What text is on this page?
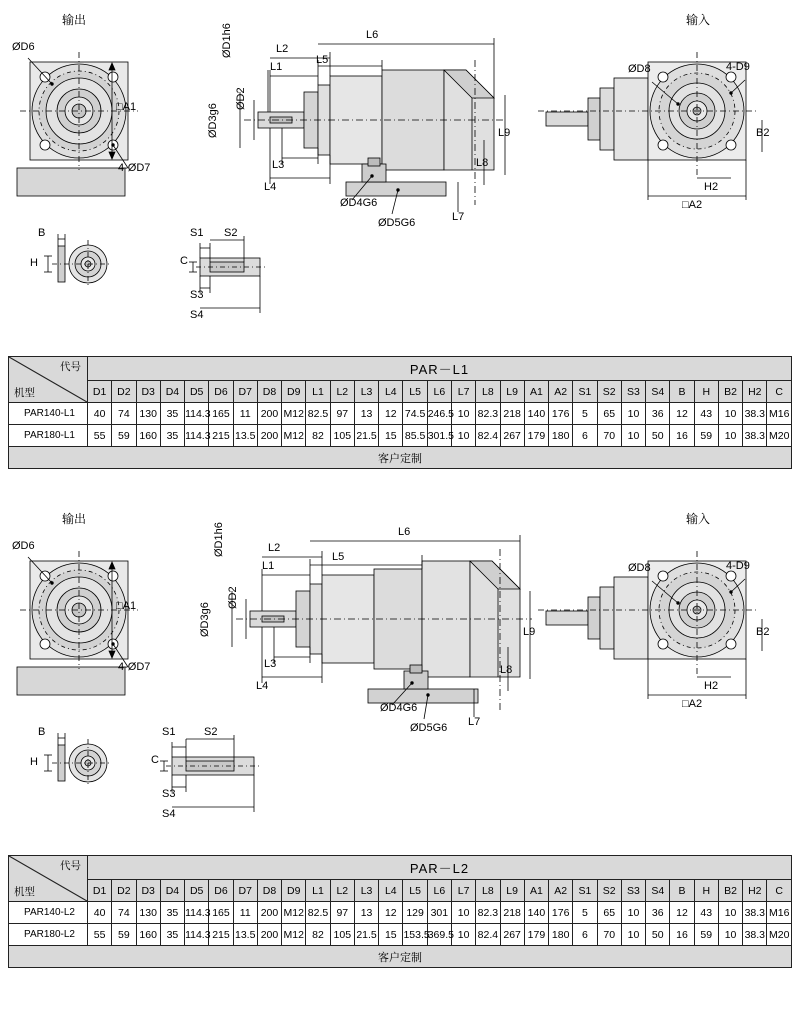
输出	输入
ØD6
4-ØD7
□A1
B
H
S1 S2
C
S3
S4
ØD1h6
ØD2
ØD3g6
L2
L1
L5
L6
L3
L4
ØD4G6
ØD5G6	L7
L8
L9
ØD8	4-D9
B2
H2
□A2
代号
机型	PAR－L1																												
	D1	D2	D3	D4	D5	D6	D7	D8	D9	L1	L2	L3	L4	L5	L6	L7	L8	L9	A1	A2	S1	S2	S3	S4	B	H	B2	H2	C
PAR140-L1	40	74	130	35	114.3	165	11	200	M12	82.5	97	13	12	74.5	246.5	10	82.3	218	140	176	5	65	10	36	12	43	10	38.3	M16
PAR180-L1	55	59	160	35	114.3	215	13.5	200	M12	82	105	21.5	15	85.5	301.5	10	82.4	267	179	180	6	70	10	50	16	59	10	38.3	M20
客户定制																													
输出	输入
ØD6
4-ØD7
□A1
B
H
S1	S2
C
S3
S4
ØD1h6
ØD2
ØD3g6
L2
L1
L5
L6
L3
L4
ØD4G6
ØD5G6 L7
L8
L9
ØD8	4-D9
B2
H2
□A2
代号
机型	PAR－L2																												
	D1	D2	D3	D4	D5	D6	D7	D8	D9	L1	L2	L3	L4	L5	L6	L7	L8	L9	A1	A2	S1	S2	S3	S4	B	H	B2	H2	C
PAR140-L2	40	74	130	35	114.3	165	11	200	M12	82.5	97	13	12	129	301	10	82.3	218	140	176	5	65	10	36	12	43	10	38.3	M16
PAR180-L2	55	59	160	35	114.3	215	13.5	200	M12	82	105	21.5	15	153.5	369.5	10	82.4	267	179	180	6	70	10	50	16	59	10	38.3	M20
客户定制																													
